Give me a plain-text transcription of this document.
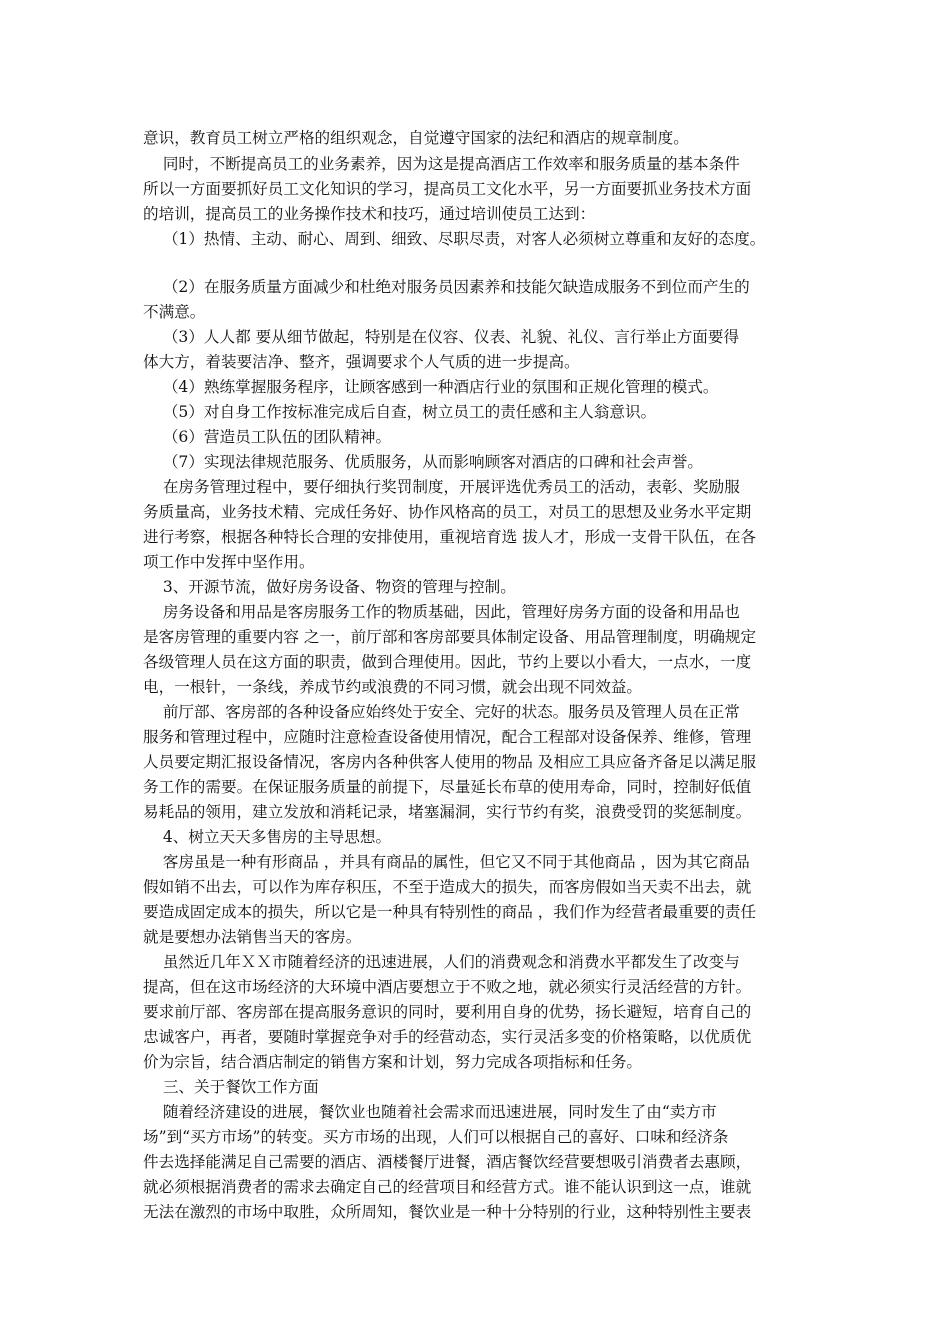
意识，教育员工树立严格的组织观念，自觉遵守国家的法纪和酒店的规章制度。
同时，不断提高员工的业务素养，因为这是提高酒店工作效率和服务质量的基本条件
所以一方面要抓好员工文化知识的学习，提高员工文化水平，另一方面要抓业务技术方面
的培训，提高员工的业务操作技术和技巧，通过培训使员工达到：
（1）热情、主动、耐心、周到、细致、尽职尽责，对客人必须树立尊重和友好的态度。
（2）在服务质量方面减少和杜绝对服务员因素养和技能欠缺造成服务不到位而产生的
不满意。
（3）人人都 要从细节做起，特别是在仪容、仪表、礼貌、礼仪、言行举止方面要得
体大方，着装要洁净、整齐，强调要求个人气质的进一步提高。
（4）熟练掌握服务程序，让顾客感到一种酒店行业的氛围和正规化管理的模式。
（5）对自身工作按标准完成后自查，树立员工的责任感和主人翁意识。
（6）营造员工队伍的团队精神。
（7）实现法律规范服务、优质服务，从而影响顾客对酒店的口碑和社会声誉。
在房务管理过程中，要仔细执行奖罚制度，开展评选优秀员工的活动，表彰、奖励服
务质量高，业务技术精、完成任务好、协作风格高的员工，对员工的思想及业务水平定期
进行考察，根据各种特长合理的安排使用，重视培育选 拔人才，形成一支骨干队伍，在各
项工作中发挥中坚作用。
3、开源节流，做好房务设备、物资的管理与控制。
房务设备和用品是客房服务工作的物质基础，因此，管理好房务方面的设备和用品也
是客房管理的重要内容 之一，前厅部和客房部要具体制定设备、用品管理制度，明确规定
各级管理人员在这方面的职责，做到合理使用。因此，节约上要以小看大，一点水，一度
电，一根针，一条线，养成节约或浪费的不同习惯，就会出现不同效益。
前厅部、客房部的各种设备应始终处于安全、完好的状态。服务员及管理人员在正常
服务和管理过程中，应随时注意检查设备使用情况，配合工程部对设备保养、维修，管理
人员要定期汇报设备情况，客房内各种供客人使用的物品 及相应工具应备齐备足以满足服
务工作的需要。在保证服务质量的前提下，尽量延长布草的使用寿命，同时，控制好低值
易耗品的领用，建立发放和消耗记录，堵塞漏洞，实行节约有奖，浪费受罚的奖惩制度。
4、树立天天多售房的主导思想。
客房虽是一种有形商品 ，并具有商品的属性，但它又不同于其他商品 ，因为其它商品
假如销不出去，可以作为库存积压，不至于造成大的损失，而客房假如当天卖不出去，就
要造成固定成本的损失，所以它是一种具有特别性的商品 ，我们作为经营者最重要的责任
就是要想办法销售当天的客房。
虽然近几年ＸＸ市随着经济的迅速进展，人们的消费观念和消费水平都发生了改变与
提高，但在这市场经济的大环境中酒店要想立于不败之地，就必须实行灵活经营的方针。
要求前厅部、客房部在提高服务意识的同时，要利用自身的优势，扬长避短，培育自己的
忠诚客户，再者，要随时掌握竞争对手的经营动态，实行灵活多变的价格策略，以优质优
价为宗旨，结合酒店制定的销售方案和计划，努力完成各项指标和任务。
三、关于餐饮工作方面
随着经济建设的进展，餐饮业也随着社会需求而迅速进展，同时发生了由“卖方市
场”到“买方市场”的转变。买方市场的出现，人们可以根据自己的喜好、口味和经济条
件去选择能满足自己需要的酒店、酒楼餐厅进餐，酒店餐饮经营要想吸引消费者去惠顾，
就必须根据消费者的需求去确定自己的经营项目和经营方式。谁不能认识到这一点，谁就
无法在激烈的市场中取胜，众所周知，餐饮业是一种十分特别的行业，这种特别性主要表
